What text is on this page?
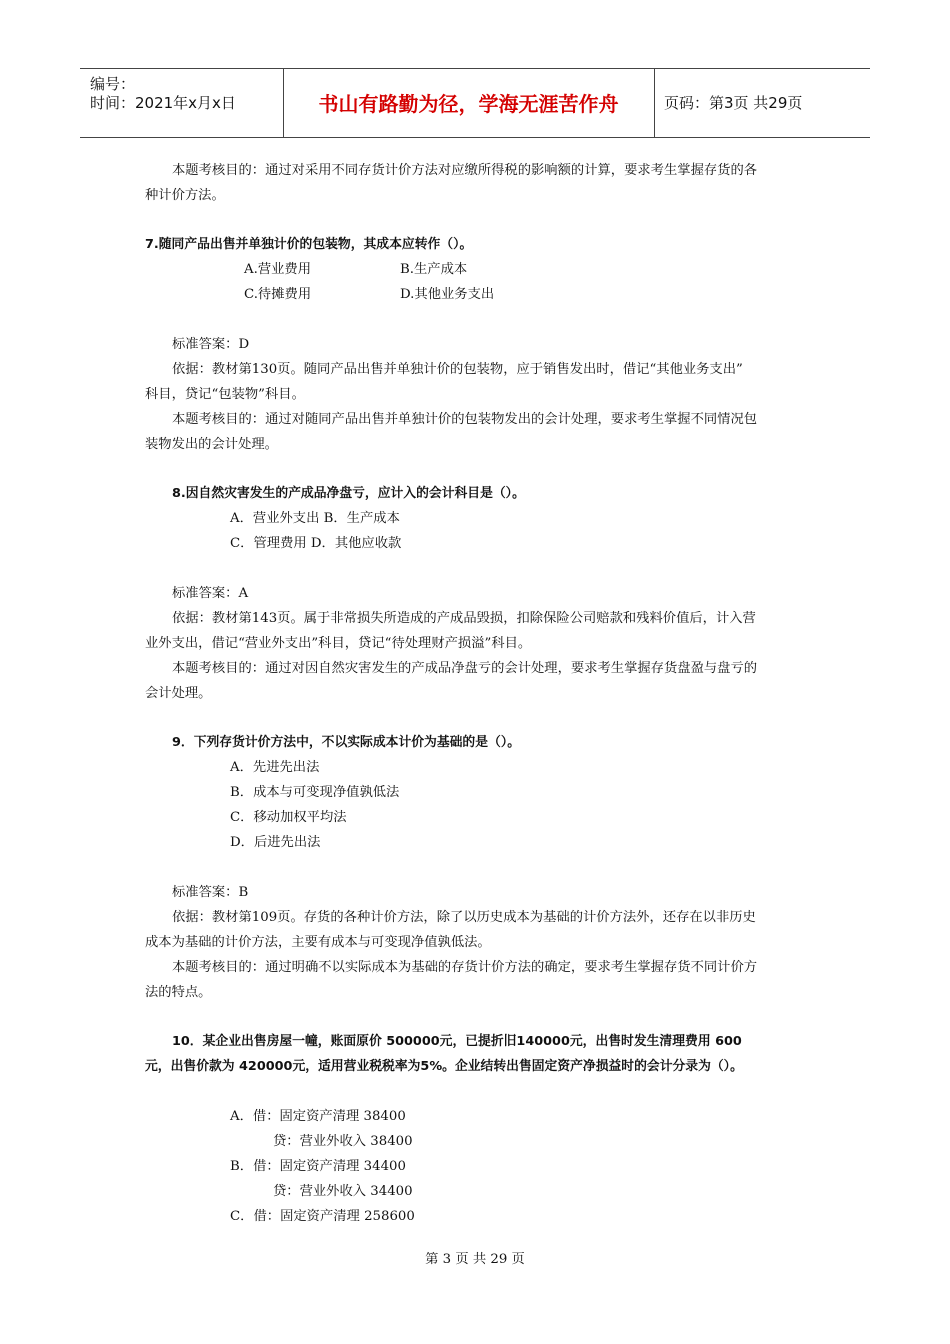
编号：
时间：2021年x月x日	书山有路勤为径，学海无涯苦作舟	页码：第3页 共29页
本题考核目的：通过对采用不同存货计价方法对应缴所得税的影响额的计算，要求考生掌握存货的各
种计价方法。
7.随同产品出售并单独计价的包装物，其成本应转作（）。
A.营业费用	B.生产成本
C.待摊费用	D.其他业务支出
标准答案：D
依据：教材第130页。随同产品出售并单独计价的包装物，应于销售发出时，借记“其他业务支出”
科目，贷记“包装物”科目。
本题考核目的：通过对随同产品出售并单独计价的包装物发出的会计处理，要求考生掌握不同情况包
装物发出的会计处理。
8.因自然灾害发生的产成品净盘亏，应计入的会计科目是（）。
A．营业外支出 B．生产成本
C．管理费用 D．其他应收款
标准答案：A
依据：教材第143页。属于非常损失所造成的产成品毁损，扣除保险公司赔款和残料价值后，计入营
业外支出，借记“营业外支出”科目，贷记“待处理财产损溢”科目。
本题考核目的：通过对因自然灾害发生的产成品净盘亏的会计处理，要求考生掌握存货盘盈与盘亏的
会计处理。
9．下列存货计价方法中，不以实际成本计价为基础的是（）。
A．先进先出法
B．成本与可变现净值孰低法
C．移动加权平均法
D．后进先出法
标准答案：B
依据：教材第109页。存货的各种计价方法，除了以历史成本为基础的计价方法外，还存在以非历史
成本为基础的计价方法，主要有成本与可变现净值孰低法。
本题考核目的：通过明确不以实际成本为基础的存货计价方法的确定，要求考生掌握存货不同计价方
法的特点。
10．某企业出售房屋一幢，账面原价 500000元，已提折旧140000元，出售时发生清理费用 600
元，出售价款为 420000元，适用营业税税率为5%。企业结转出售固定资产净损益时的会计分录为（）。
A．借：固定资产清理 38400
贷：营业外收入 38400
B．借：固定资产清理 34400
贷：营业外收入 34400
C．借：固定资产清理 258600
第 3 页 共 29 页
